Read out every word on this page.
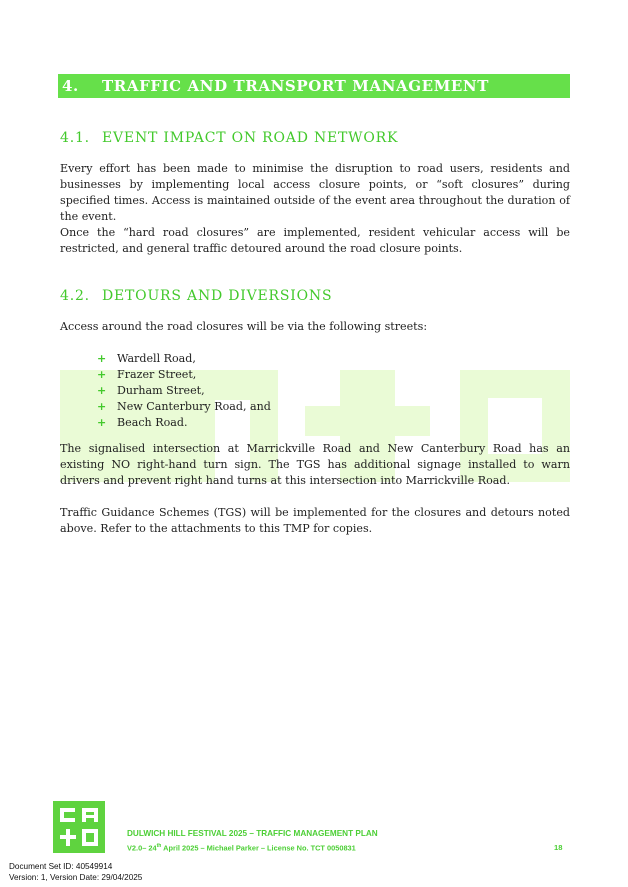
4. TRAFFIC AND TRANSPORT MANAGEMENT
4.1. EVENT IMPACT ON ROAD NETWORK

Every effort has been made to minimise the disruption to road users, residents and businesses by implementing local access closure points, or “soft closures” during specified times. Access is maintained outside of the event area throughout the duration of the event.

Once the “hard road closures” are implemented, resident vehicular access will be restricted, and general traffic detoured around the road closure points.

4.2. DETOURS AND DIVERSIONS

Access around the road closures will be via the following streets:

+ Wardell Road,
+ Frazer Street,
+ Durham Street,
+ New Canterbury Road, and
+ Beach Road.

The signalised intersection at Marrickville Road and New Canterbury Road has an existing NO right-hand turn sign. The TGS has additional signage installed to warn drivers and prevent right hand turns at this intersection into Marrickville Road.

Traffic Guidance Schemes (TGS) will be implemented for the closures and detours noted above. Refer to the attachments to this TMP for copies.

DULWICH HILL FESTIVAL 2025 – TRAFFIC MANAGEMENT PLAN
V2.0– 24th April 2025 – Michael Parker – License No. TCT 0050831	18
Document Set ID: 40549914
Version: 1, Version Date: 29/04/2025
